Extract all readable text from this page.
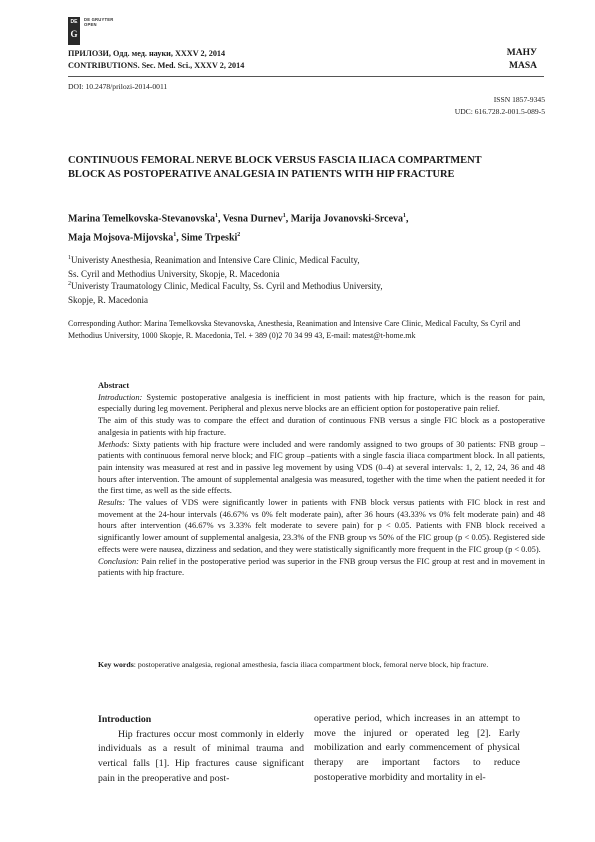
DE
G
DE GRUYTER
OPEN
ПРИЛОЗИ, Одд. мед. науки, XXXV 2, 2014
CONTRIBUTIONS. Sec. Med. Sci., XXXV 2, 2014
МАНУ
MASA
DOI: 10.2478/prilozi-2014-0011
ISSN 1857-9345
UDC: 616.728.2-001.5-089-5
CONTINUOUS FEMORAL NERVE BLOCK VERSUS FASCIA ILIACA COMPARTMENT BLOCK AS POSTOPERATIVE ANALGESIA IN PATIENTS WITH HIP FRACTURE
Marina Temelkovska-Stevanovska$^1$, Vesna Durnev$^1$, Marija Jovanovski-Srceva$^1$,
Maja Mojsova-Mijovska$^1$, Sime Trpeski$^2$
$^1$Univeristy Anesthesia, Reanimation and Intensive Care Clinic, Medical Faculty,
Ss. Cyril and Methodius University, Skopje, R. Macedonia
$^2$Univeristy Traumatology Clinic, Medical Faculty, Ss. Cyril and Methodius University,
Skopje, R. Macedonia
Corresponding Author: Marina Temelkovska Stevanovska, Anesthesia, Reanimation and Intensive Care Clinic, Medical Faculty, Ss Cyril and Methodius University, 1000 Skopje, R. Macedonia, Tel. + 389 (0)2 70 34 99 43, E-mail: matest@t-home.mk

Abstract

Introduction: Systemic postoperative analgesia is inefficient in most patients with hip fracture, which is the reason for pain, especially during leg movement. Peripheral and plexus nerve blocks are an efficient option for postoperative pain relief.

The aim of this study was to compare the effect and duration of continuous FNB versus a single FIC block as a postoperative analgesia in patients with hip fracture.

Methods: Sixty patients with hip fracture were included and were randomly assigned to two groups of 30 patients: FNB group – patients with continuous femoral nerve block; and FIC group –patients with a single fascia iliaca compartment block. In all patients, pain intensity was measured at rest and in passive leg movement by using VDS (0–4) at several intervals: 1, 2, 12, 24, 36 and 48 hours after intervention. The amount of supplemental analgesia was measured, together with the time when the patient needed it for the first time, as well as the side effects.

Results: The values of VDS were significantly lower in patients with FNB block versus patients with FIC block in rest and movement at the 24-hour intervals (46.67% vs 0% felt moderate pain), after 36 hours (43.33% vs 0% felt moderate pain) and 48 hours after intervention (46.67% vs 3.33% felt moderate to severe pain) for p < 0.05. Patients with FNB block received a significantly lower amount of supplemental analgesia, 23.3% of the FNB group vs 50% of the FIC group (p < 0.05). Registered side effects were were nausea, dizziness and sedation, and they were statistically significantly more frequent in the FIC group (p < 0.05).

Conclusion: Pain relief in the postoperative period was superior in the FNB group versus the FIC group at rest and in movement in patients with hip fracture.

Key words: postoperative analgesia, regional amesthesia, fascia iliaca compartment block, femoral nerve block, hip fracture.
Introduction
Hip fractures occur most commonly in elderly individuals as a result of minimal trauma and vertical falls [1]. Hip fractures cause significant pain in the preoperative and post-
operative period, which increases in an attempt to move the injured or operated leg [2]. Early mobilization and early commencement of physical therapy are important factors to reduce postoperative morbidity and mortality in el-
